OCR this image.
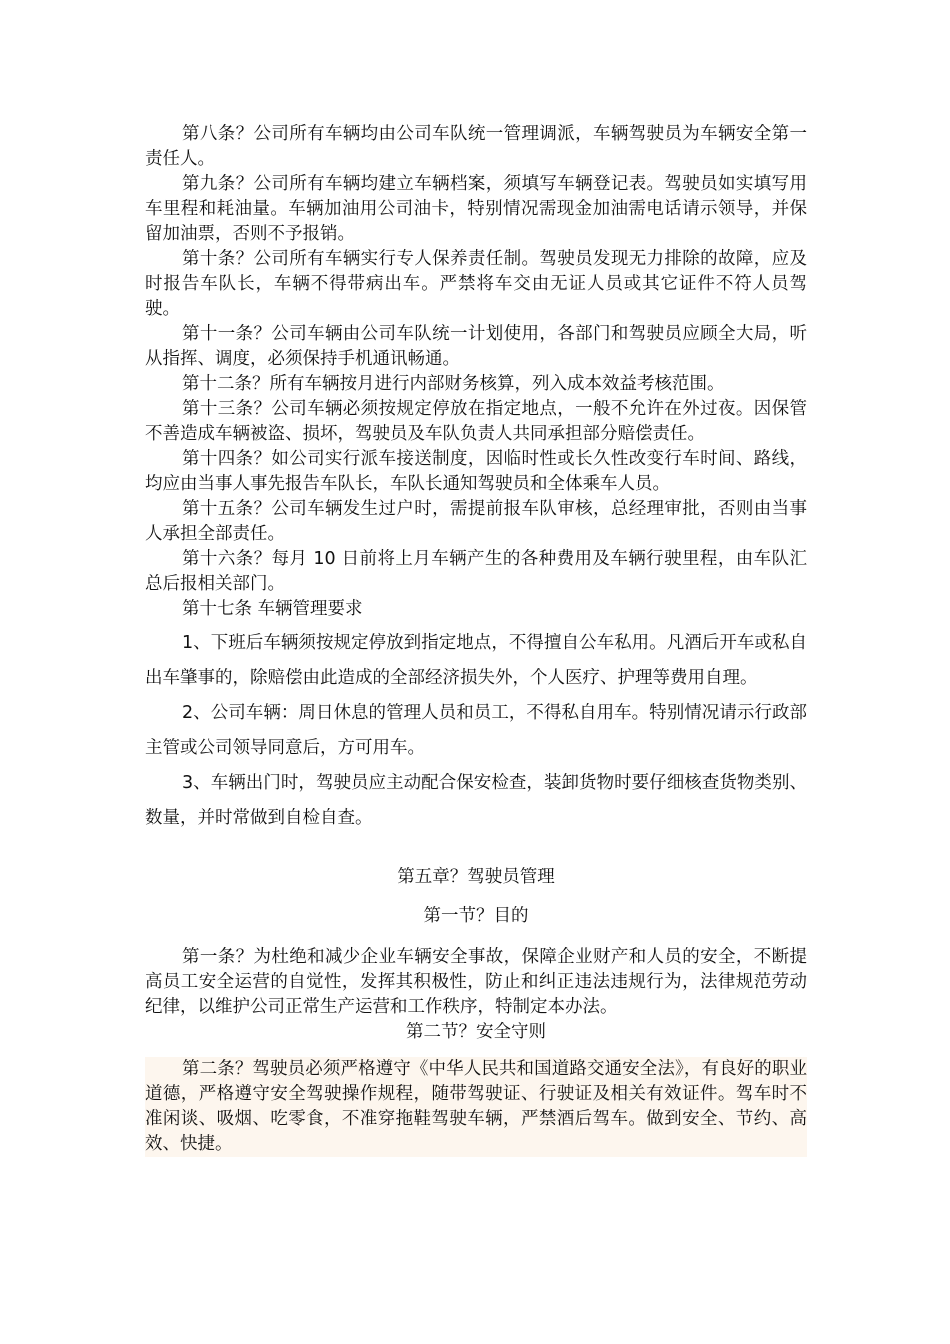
第八条？公司所有车辆均由公司车队统一管理调派，车辆驾驶员为车辆安全第一责任人。

第九条？公司所有车辆均建立车辆档案，须填写车辆登记表。驾驶员如实填写用车里程和耗油量。车辆加油用公司油卡，特别情况需现金加油需电话请示领导，并保留加油票，否则不予报销。

第十条？公司所有车辆实行专人保养责任制。驾驶员发现无力排除的故障，应及时报告车队长，车辆不得带病出车。严禁将车交由无证人员或其它证件不符人员驾驶。

第十一条？公司车辆由公司车队统一计划使用，各部门和驾驶员应顾全大局，听从指挥、调度，必须保持手机通讯畅通。

第十二条？所有车辆按月进行内部财务核算，列入成本效益考核范围。

第十三条？公司车辆必须按规定停放在指定地点，一般不允许在外过夜。因保管不善造成车辆被盗、损坏，驾驶员及车队负责人共同承担部分赔偿责任。

第十四条？如公司实行派车接送制度，因临时性或长久性改变行车时间、路线，均应由当事人事先报告车队长，车队长通知驾驶员和全体乘车人员。

第十五条？公司车辆发生过户时，需提前报车队审核，总经理审批，否则由当事人承担全部责任。

第十六条？每月 10 日前将上月车辆产生的各种费用及车辆行驶里程，由车队汇总后报相关部门。

第十七条 车辆管理要求

1、下班后车辆须按规定停放到指定地点，不得擅自公车私用。凡酒后开车或私自出车肇事的，除赔偿由此造成的全部经济损失外，个人医疗、护理等费用自理。

2、公司车辆：周日休息的管理人员和员工，不得私自用车。特别情况请示行政部主管或公司领导同意后，方可用车。

3、车辆出门时，驾驶员应主动配合保安检查，装卸货物时要仔细核查货物类别、数量，并时常做到自检自查。

第五章？驾驶员管理

第一节？目的

第一条？为杜绝和减少企业车辆安全事故，保障企业财产和人员的安全，不断提高员工安全运营的自觉性，发挥其积极性，防止和纠正违法违规行为，法律规范劳动纪律，以维护公司正常生产运营和工作秩序，特制定本办法。

第二节？安全守则

第二条？驾驶员必须严格遵守《中华人民共和国道路交通安全法》，有良好的职业道德，严格遵守安全驾驶操作规程，随带驾驶证、行驶证及相关有效证件。驾车时不准闲谈、吸烟、吃零食，不准穿拖鞋驾驶车辆，严禁酒后驾车。做到安全、节约、高效、快捷。
